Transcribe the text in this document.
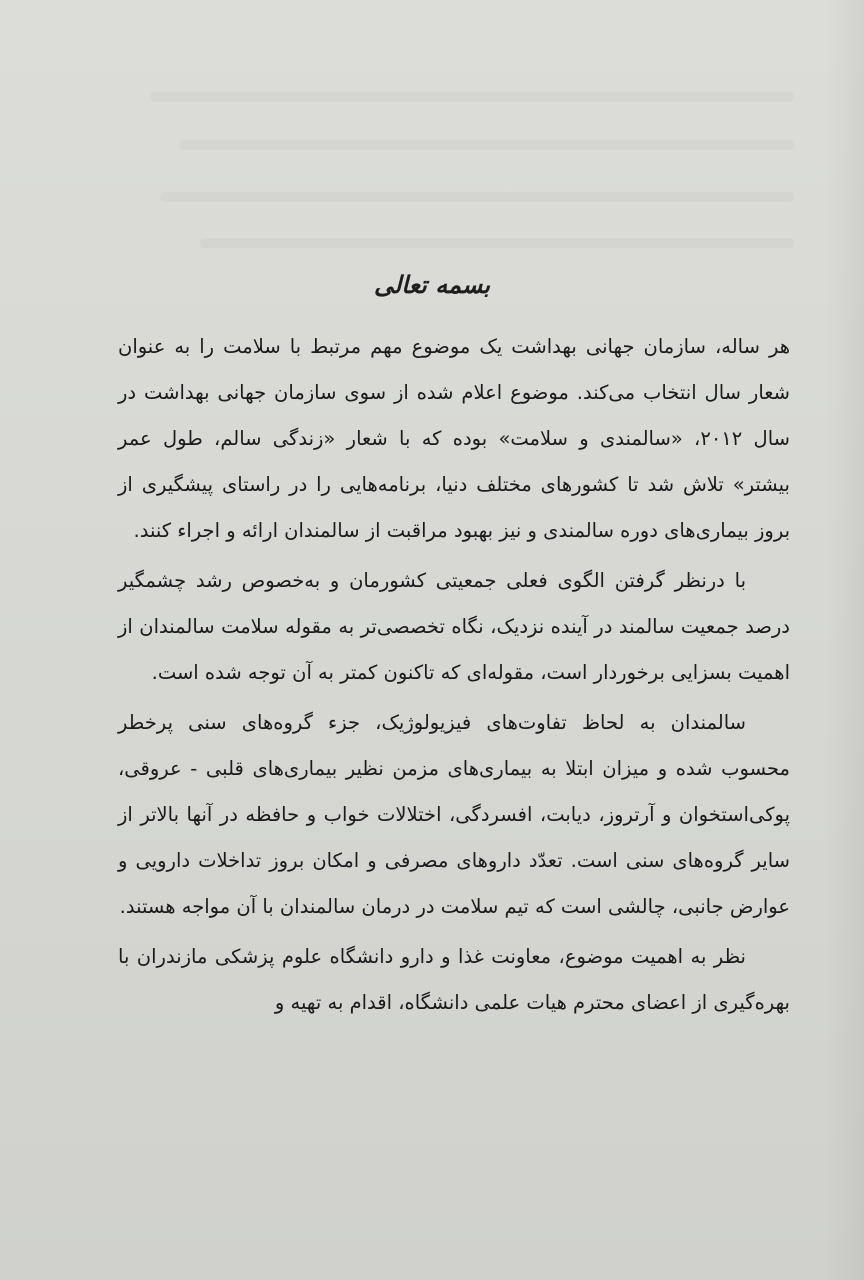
بسمه تعالی

هر ساله، سازمان جهانی بهداشت یک موضوع مهم مرتبط با سلامت را به عنوان شعار سال انتخاب می‌کند. موضوع اعلام شده از سوی سازمان جهانی بهداشت در سال ۲۰۱۲، «سالمندی و سلامت» بوده که با شعار «زندگی سالم، طول عمر بیشتر» تلاش شد تا کشورهای مختلف دنیا، برنامه‌هایی را در راستای پیشگیری از بروز بیماری‌های دوره سالمندی و نیز بهبود مراقبت از سالمندان ارائه و اجراء کنند.

با درنظر گرفتن الگوی فعلی جمعیتی کشورمان و به‌خصوص رشد چشمگیر درصد جمعیت سالمند در آینده نزدیک، نگاه تخصصی‌تر به مقوله سلامت سالمندان از اهمیت بسزایی برخوردار است، مقوله‌ای که تاکنون کمتر به آن توجه شده است.

سالمندان به لحاظ تفاوت‌های فیزیولوژیک، جزء گروه‌های سنی پرخطر محسوب شده و میزان ابتلا به بیماری‌های مزمن نظیر بیماری‌های قلبی - عروقی، پوکی‌استخوان و آرتروز، دیابت، افسردگی، اختلالات خواب و حافظه در آنها بالاتر از سایر گروه‌های سنی است. تعدّد داروهای مصرفی و امکان بروز تداخلات دارویی و عوارض جانبی، چالشی است که تیم سلامت در درمان سالمندان با آن مواجه هستند.

نظر به اهمیت موضوع، معاونت غذا و دارو دانشگاه علوم پزشکی مازندران با بهره‌گیری از اعضای محترم هیات علمی دانشگاه، اقدام به تهیه و
